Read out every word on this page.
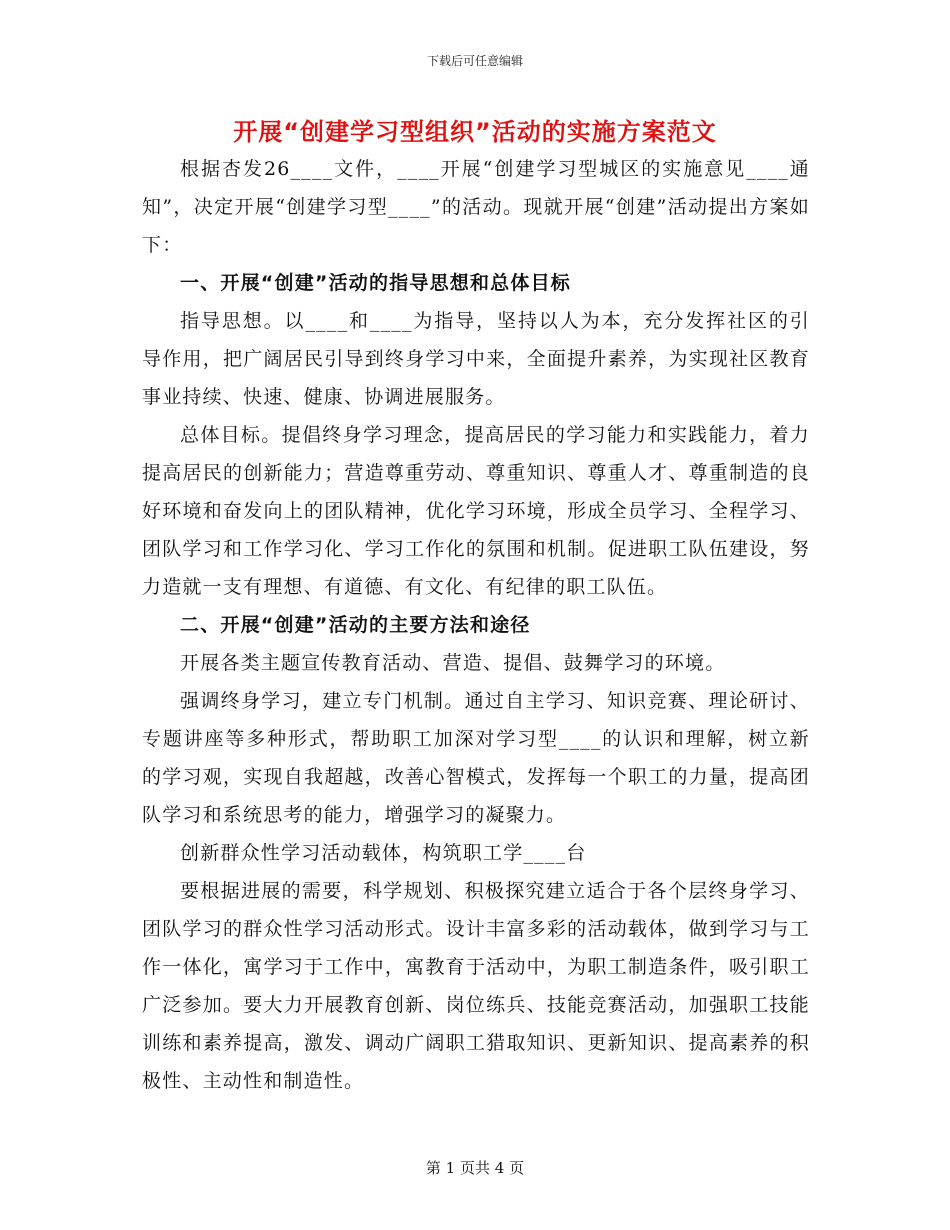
下载后可任意编辑
开展“创建学习型组织”活动的实施方案范文

根据杏发26____文件，____开展“创建学习型城区的实施意见____通知”，决定开展“创建学习型____”的活动。现就开展“创建”活动提出方案如下：

一、开展“创建”活动的指导思想和总体目标

指导思想。以____和____为指导，坚持以人为本，充分发挥社区的引导作用，把广阔居民引导到终身学习中来，全面提升素养，为实现社区教育事业持续、快速、健康、协调进展服务。

总体目标。提倡终身学习理念，提高居民的学习能力和实践能力，着力提高居民的创新能力；营造尊重劳动、尊重知识、尊重人才、尊重制造的良好环境和奋发向上的团队精神，优化学习环境，形成全员学习、全程学习、团队学习和工作学习化、学习工作化的氛围和机制。促进职工队伍建设，努力造就一支有理想、有道德、有文化、有纪律的职工队伍。

二、开展“创建”活动的主要方法和途径

开展各类主题宣传教育活动、营造、提倡、鼓舞学习的环境。

强调终身学习，建立专门机制。通过自主学习、知识竞赛、理论研讨、专题讲座等多种形式，帮助职工加深对学习型____的认识和理解，树立新的学习观，实现自我超越，改善心智模式，发挥每一个职工的力量，提高团队学习和系统思考的能力，增强学习的凝聚力。

创新群众性学习活动载体，构筑职工学____台

要根据进展的需要，科学规划、积极探究建立适合于各个层终身学习、团队学习的群众性学习活动形式。设计丰富多彩的活动载体，做到学习与工作一体化，寓学习于工作中，寓教育于活动中，为职工制造条件，吸引职工广泛参加。要大力开展教育创新、岗位练兵、技能竞赛活动，加强职工技能训练和素养提高，激发、调动广阔职工猎取知识、更新知识、提高素养的积极性、主动性和制造性。

第 1 页共 4 页
